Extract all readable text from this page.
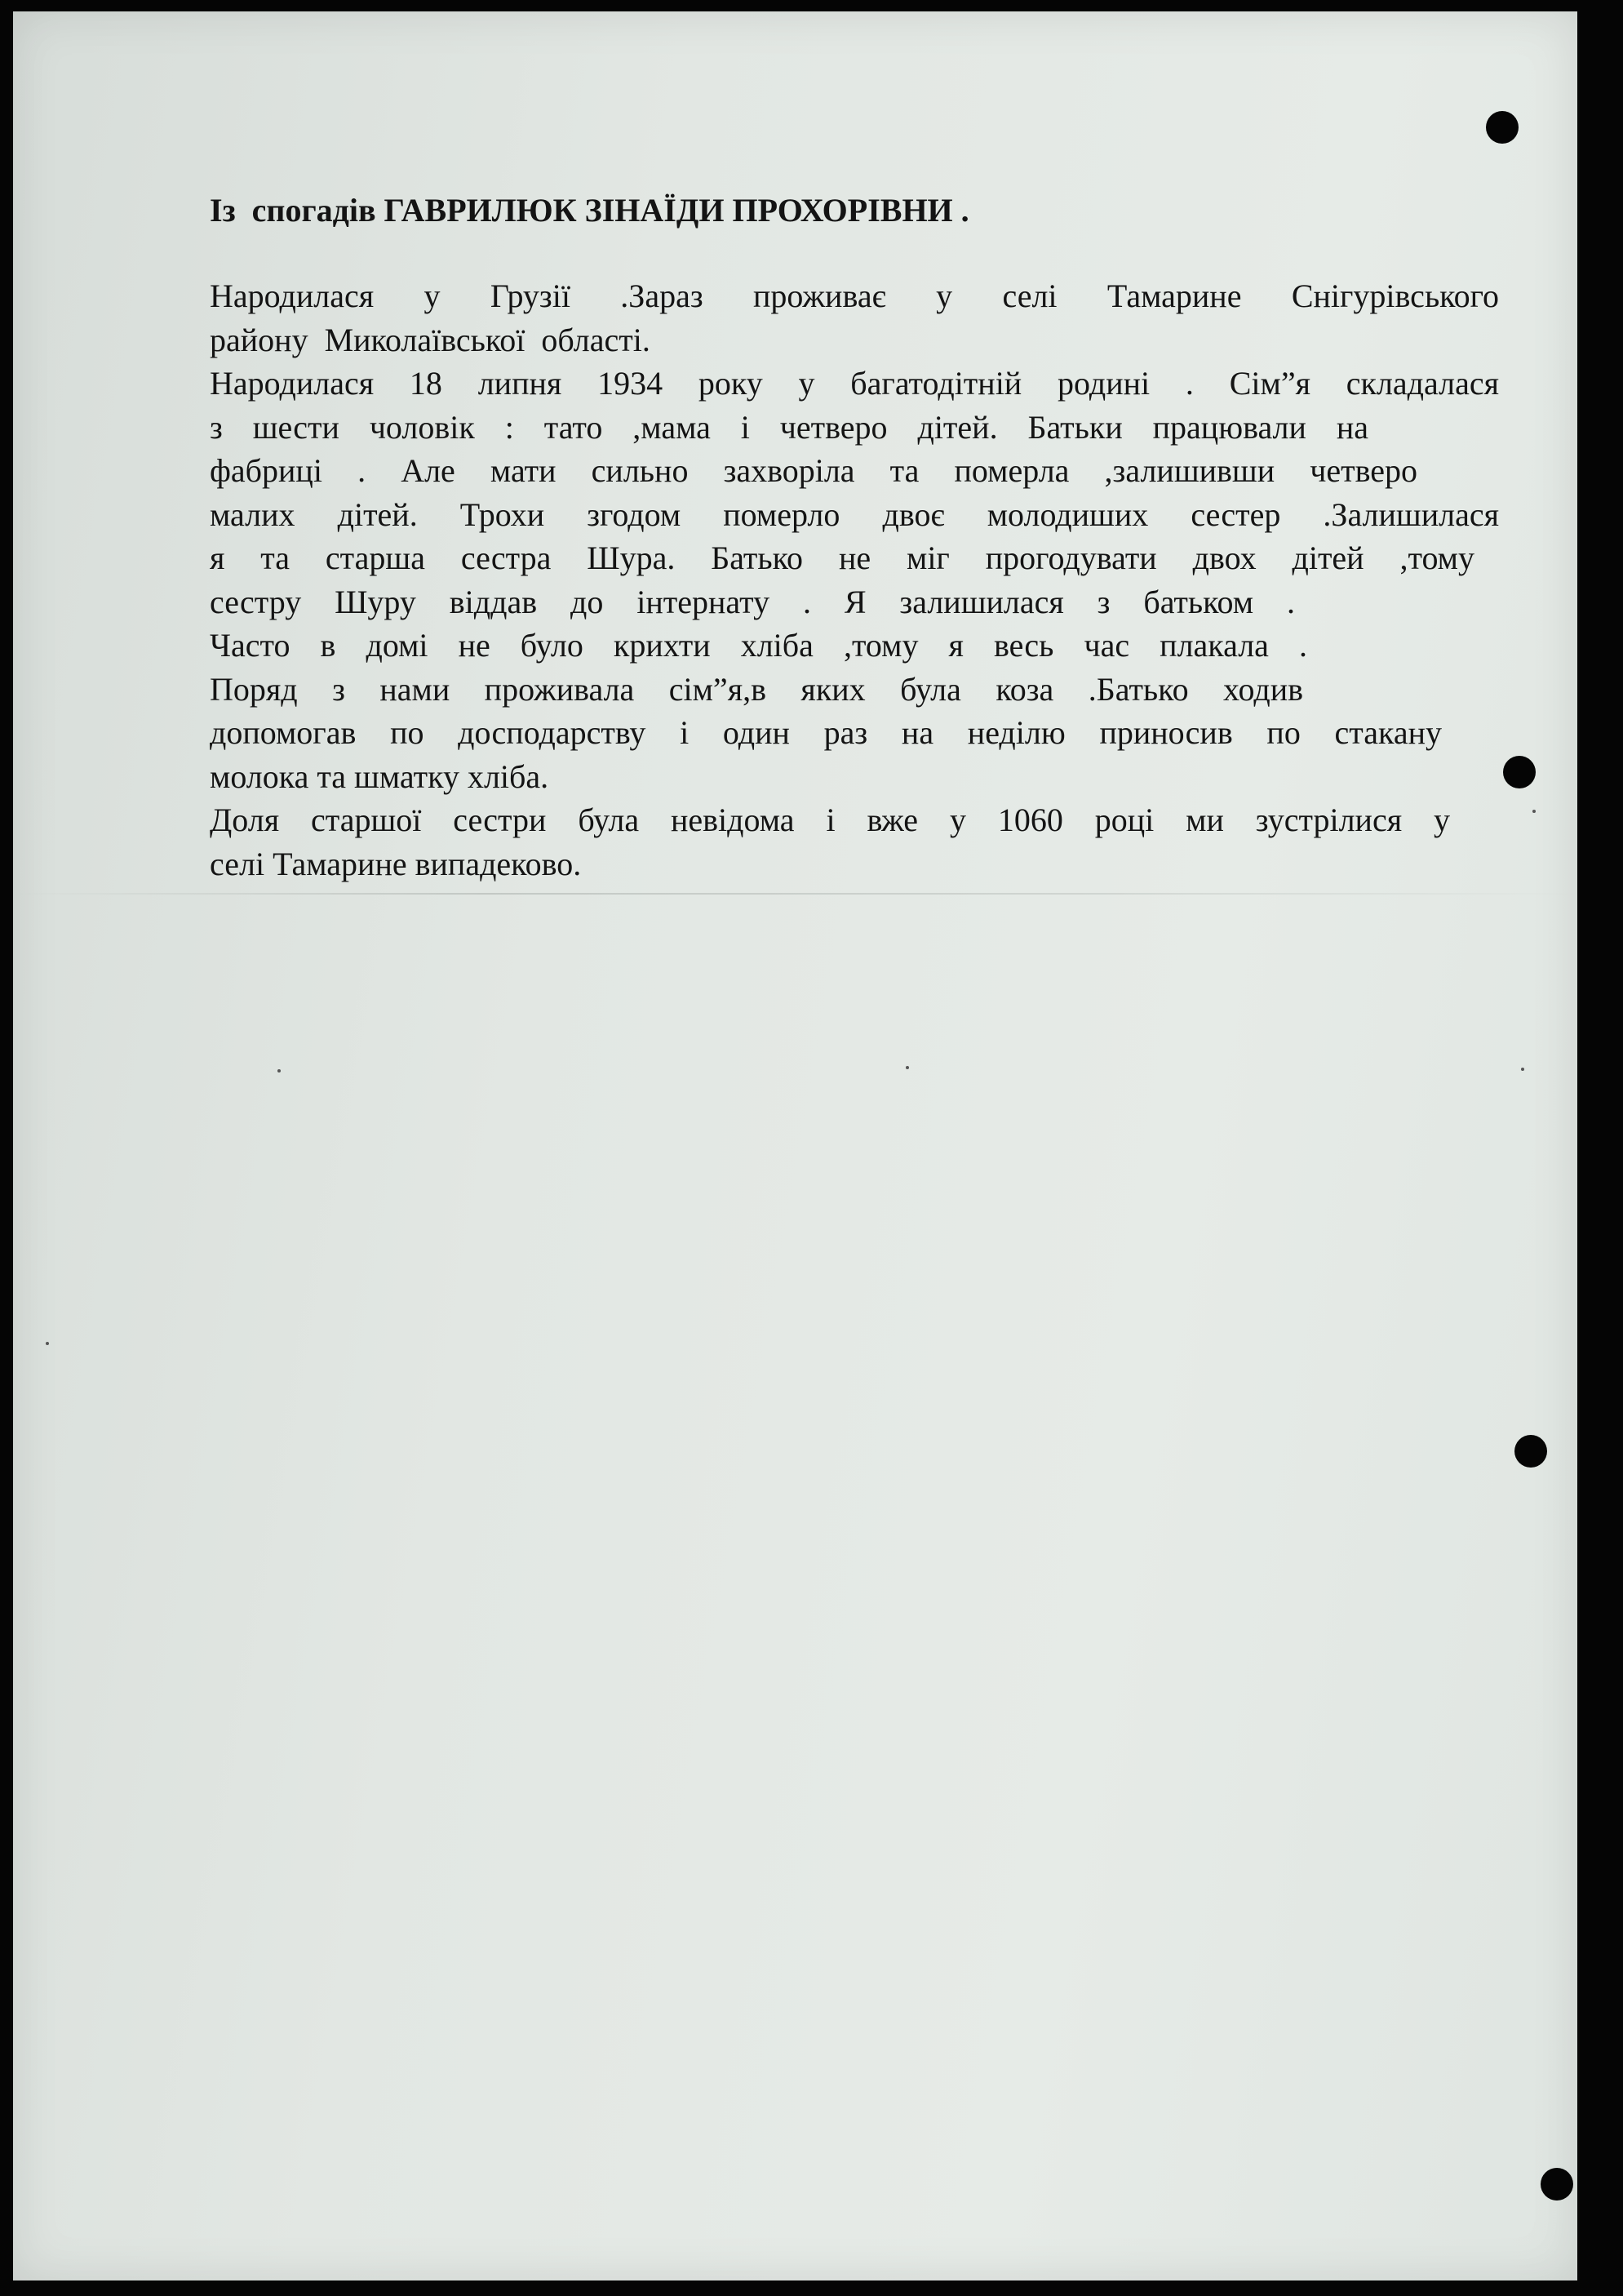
Із  спогадів ГАВРИЛЮК ЗІНАЇДИ ПРОХОРІВНИ .
Народилася у Грузії .Зараз проживає у селі Тамарине Снігурівського
району  Миколаївської  області.
Народилася 18 липня 1934 року у багатодітній родині . Сім”я складалася
з шести чоловік : тато ,мама і четверо дітей. Батьки працювали на
фабриці . Але мати сильно захворіла та померла ,залишивши четверо
малих дітей. Трохи згодом померло двоє молодиших сестер .Залишилася
я та старша сестра Шура. Батько не міг прогодувати двох дітей ,тому
сестру Шуру віддав до інтернату . Я залишилася з батьком .
Часто в домі не було крихти хліба ,тому я весь час плакала .
Поряд з нами проживала сім”я,в яких була коза .Батько ходив
допомогав по досподарству і один раз на неділю приносив по стакану
молока та шматку хліба.
Доля старшої сестри була невідома і вже у 1060 році ми зустрілися у
селі Тамарине випадеково.
